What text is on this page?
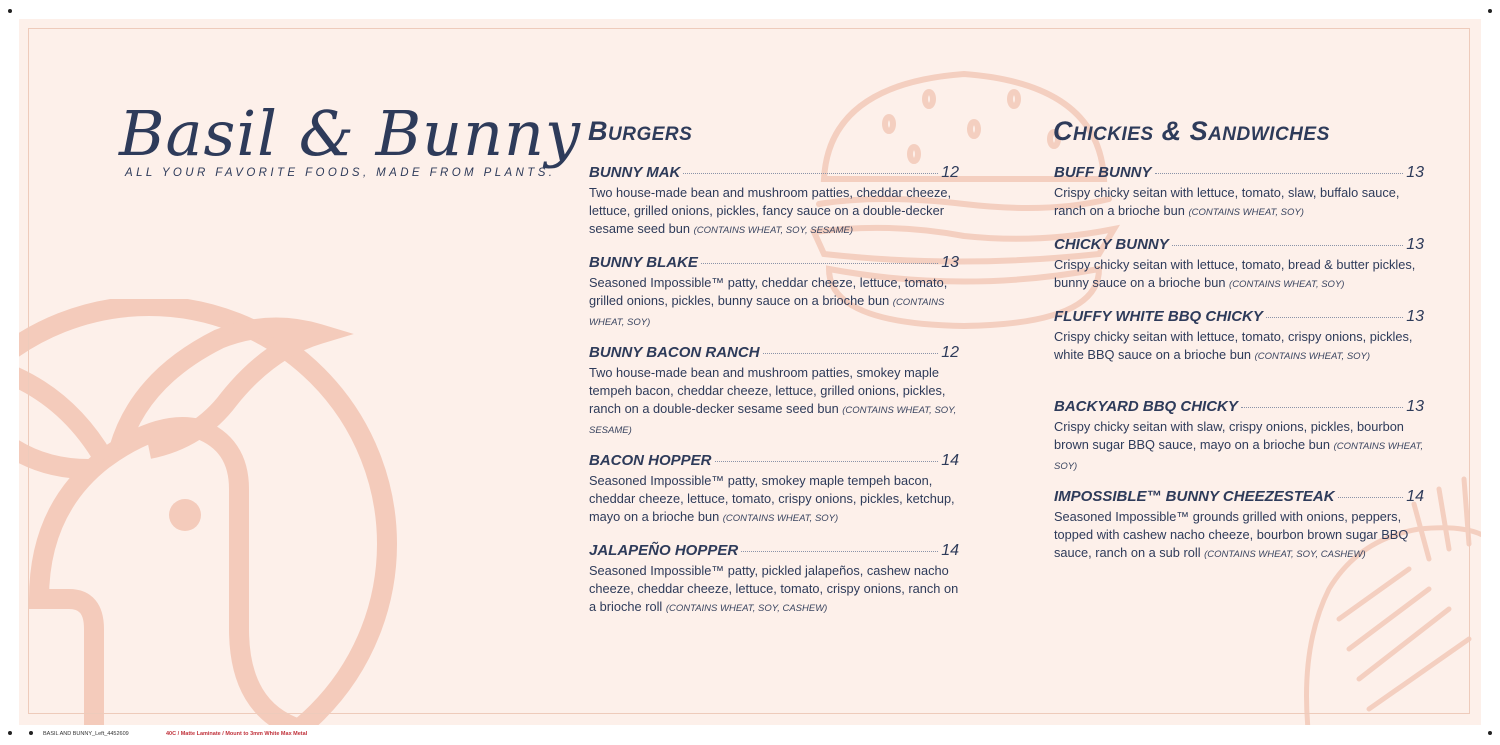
Basil & Bunny
ALL YOUR FAVORITE FOODS, MADE FROM PLANTS.
Burgers	Chickies & Sandwiches
BUNNY MAK	12
Two house-made bean and mushroom patties, cheddar cheeze, lettuce, grilled onions, pickles, fancy sauce on a double-decker sesame seed bun (CONTAINS WHEAT, SOY, SESAME)
BUNNY BLAKE	13
Seasoned Impossible™ patty, cheddar cheeze, lettuce, tomato, grilled onions, pickles, bunny sauce on a brioche bun (CONTAINS WHEAT, SOY)
BUNNY BACON RANCH	12
Two house-made bean and mushroom patties, smokey maple tempeh bacon, cheddar cheeze, lettuce, grilled onions, pickles, ranch on a double-decker sesame seed bun (CONTAINS WHEAT, SOY, SESAME)
BACON HOPPER	14
Seasoned Impossible™ patty, smokey maple tempeh bacon, cheddar cheeze, lettuce, tomato, crispy onions, pickles, ketchup, mayo on a brioche bun (CONTAINS WHEAT, SOY)
JALAPEÑO HOPPER	14
Seasoned Impossible™ patty, pickled jalapeños, cashew nacho cheeze, cheddar cheeze, lettuce, tomato, crispy onions, ranch on a brioche roll (CONTAINS WHEAT, SOY, CASHEW)
BUFF BUNNY	13
Crispy chicky seitan with lettuce, tomato, slaw, buffalo sauce, ranch on a brioche bun (CONTAINS WHEAT, SOY)
CHICKY BUNNY	13
Crispy chicky seitan with lettuce, tomato, bread & butter pickles, bunny sauce on a brioche bun (CONTAINS WHEAT, SOY)
FLUFFY WHITE BBQ CHICKY	13
Crispy chicky seitan with lettuce, tomato, crispy onions, pickles, white BBQ sauce on a brioche bun (CONTAINS WHEAT, SOY)
BACKYARD BBQ CHICKY	13
Crispy chicky seitan with slaw, crispy onions, pickles, bourbon brown sugar BBQ sauce, mayo on a brioche bun (CONTAINS WHEAT, SOY)
IMPOSSIBLE™ BUNNY CHEEZESTEAK	14
Seasoned Impossible™ grounds grilled with onions, peppers, topped with cashew nacho cheeze, bourbon brown sugar BBQ sauce, ranch on a sub roll (CONTAINS WHEAT, SOY, CASHEW)
BASIL AND BUNNY_Left_4452609	40C / Matte Laminate / Mount to 3mm White Max Metal
